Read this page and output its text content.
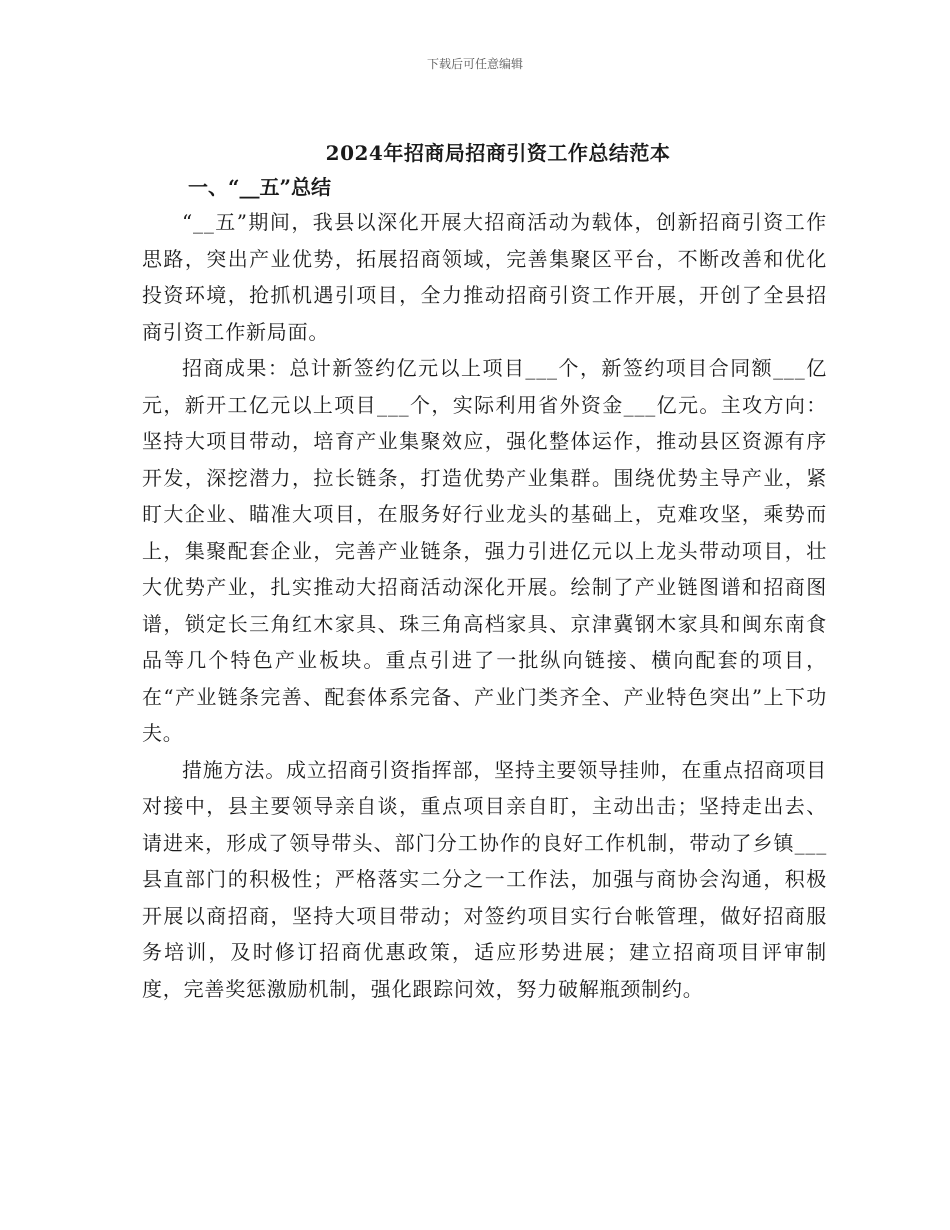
下载后可任意编辑
2024年招商局招商引资工作总结范本

一、“__五”总结

“__五”期间，我县以深化开展大招商活动为载体，创新招商引资工作思路，突出产业优势，拓展招商领域，完善集聚区平台，不断改善和优化投资环境，抢抓机遇引项目，全力推动招商引资工作开展，开创了全县招商引资工作新局面。

招商成果：总计新签约亿元以上项目___个，新签约项目合同额___亿元，新开工亿元以上项目___个，实际利用省外资金___亿元。主攻方向：坚持大项目带动，培育产业集聚效应，强化整体运作，推动县区资源有序开发，深挖潜力，拉长链条，打造优势产业集群。围绕优势主导产业，紧盯大企业、瞄准大项目，在服务好行业龙头的基础上，克难攻坚，乘势而上，集聚配套企业，完善产业链条，强力引进亿元以上龙头带动项目，壮大优势产业，扎实推动大招商活动深化开展。绘制了产业链图谱和招商图谱，锁定长三角红木家具、珠三角高档家具、京津冀钢木家具和闽东南食品等几个特色产业板块。重点引进了一批纵向链接、横向配套的项目，在“产业链条完善、配套体系完备、产业门类齐全、产业特色突出”上下功夫。

措施方法。成立招商引资指挥部，坚持主要领导挂帅，在重点招商项目对接中，县主要领导亲自谈，重点项目亲自盯，主动出击；坚持走出去、请进来，形成了领导带头、部门分工协作的良好工作机制，带动了乡镇___县直部门的积极性；严格落实二分之一工作法，加强与商协会沟通，积极开展以商招商，坚持大项目带动；对签约项目实行台帐管理，做好招商服务培训，及时修订招商优惠政策，适应形势进展；建立招商项目评审制度，完善奖惩激励机制，强化跟踪问效，努力破解瓶颈制约。
